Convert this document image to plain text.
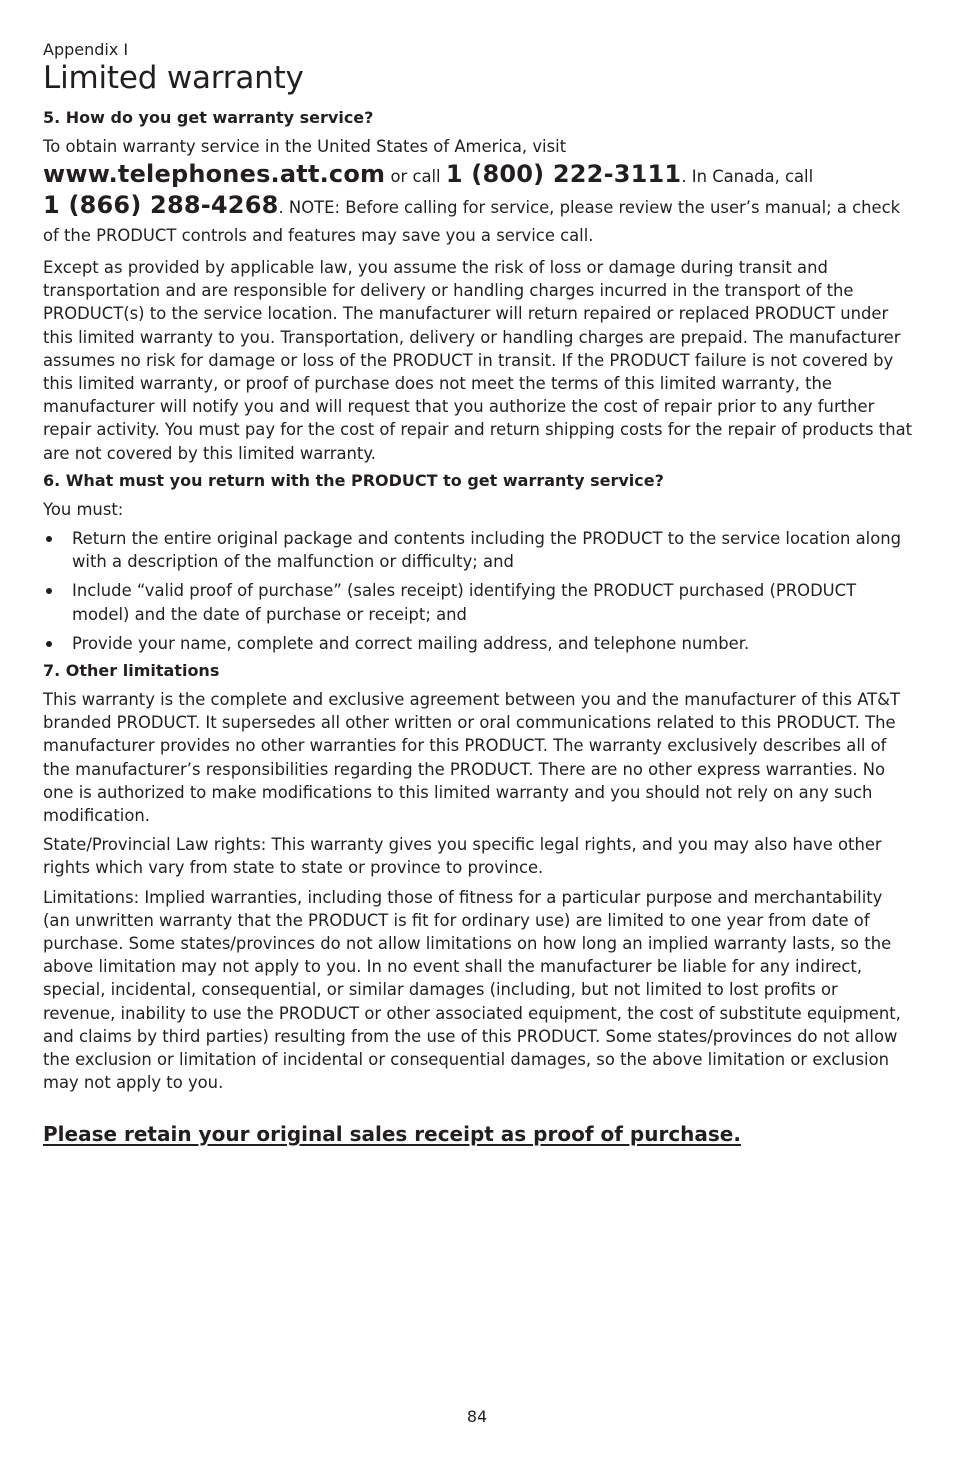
Appendix I

Limited warranty
5. How do you get warranty service?
To obtain warranty service in the United States of America, visit
www.telephones.att.com or call 1 (800) 222-3111. In Canada, call
1 (866) 288-4268. NOTE: Before calling for service, please review the user’s manual; a check of the PRODUCT controls and features may save you a service call.

Except as provided by applicable law, you assume the risk of loss or damage during transit and transportation and are responsible for delivery or handling charges incurred in the transport of the PRODUCT(s) to the service location. The manufacturer will return repaired or replaced PRODUCT under this limited warranty to you. Transportation, delivery or handling charges are prepaid. The manufacturer assumes no risk for damage or loss of the PRODUCT in transit. If the PRODUCT failure is not covered by this limited warranty, or proof of purchase does not meet the terms of this limited warranty, the manufacturer will notify you and will request that you authorize the cost of repair prior to any further repair activity. You must pay for the cost of repair and return shipping costs for the repair of products that are not covered by this limited warranty.

6. What must you return with the PRODUCT to get warranty service?

You must:

Return the entire original package and contents including the PRODUCT to the service location along with a description of the malfunction or difficulty; and
Include “valid proof of purchase” (sales receipt) identifying the PRODUCT purchased (PRODUCT model) and the date of purchase or receipt; and
Provide your name, complete and correct mailing address, and telephone number.
7. Other limitations

This warranty is the complete and exclusive agreement between you and the manufacturer of this AT&T branded PRODUCT. It supersedes all other written or oral communications related to this PRODUCT. The manufacturer provides no other warranties for this PRODUCT. The warranty exclusively describes all of the manufacturer’s responsibilities regarding the PRODUCT. There are no other express warranties. No one is authorized to make modifications to this limited warranty and you should not rely on any such modification.

State/Provincial Law rights: This warranty gives you specific legal rights, and you may also have other rights which vary from state to state or province to province.

Limitations: Implied warranties, including those of fitness for a particular purpose and merchantability (an unwritten warranty that the PRODUCT is fit for ordinary use) are limited to one year from date of purchase. Some states/provinces do not allow limitations on how long an implied warranty lasts, so the above limitation may not apply to you. In no event shall the manufacturer be liable for any indirect, special, incidental, consequential, or similar damages (including, but not limited to lost profits or revenue, inability to use the PRODUCT or other associated equipment, the cost of substitute equipment, and claims by third parties) resulting from the use of this PRODUCT. Some states/provinces do not allow the exclusion or limitation of incidental or consequential damages, so the above limitation or exclusion may not apply to you.

Please retain your original sales receipt as proof of purchase.

84
